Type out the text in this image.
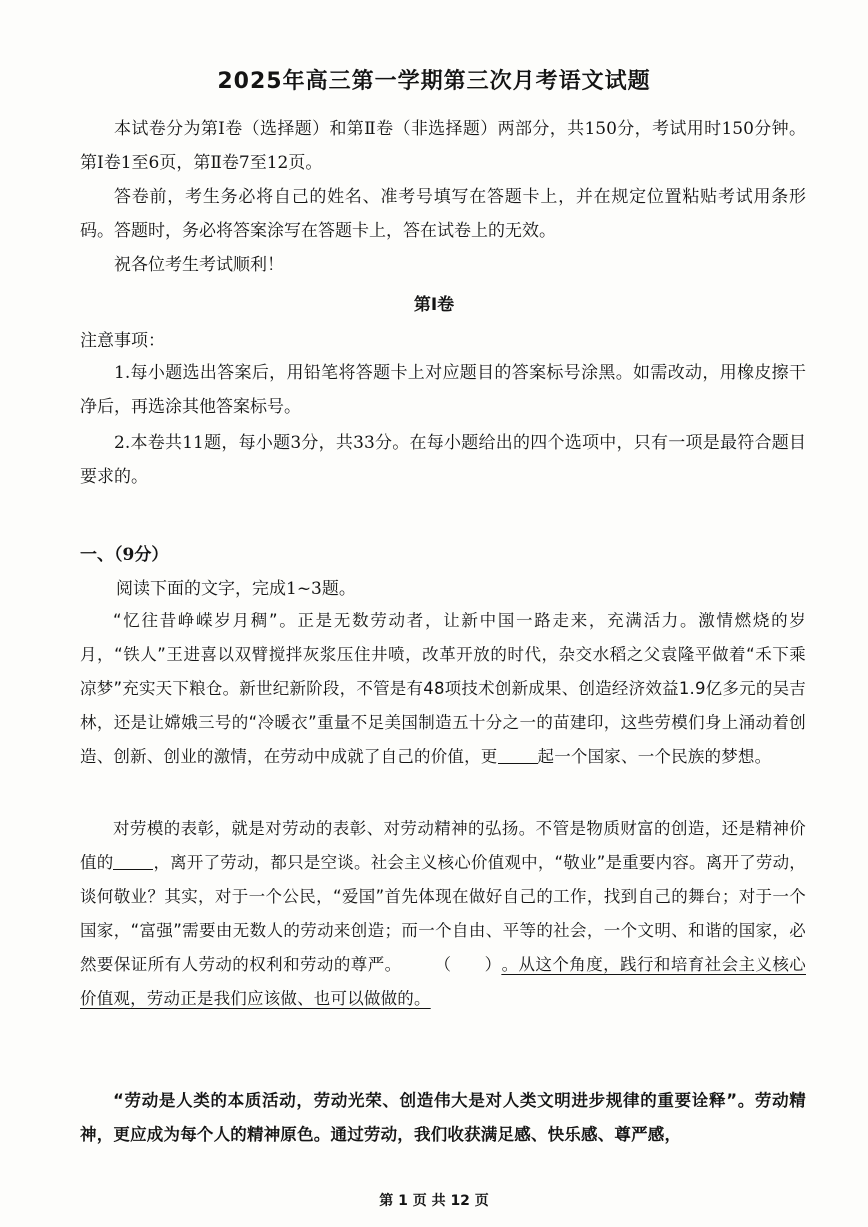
2025年高三第一学期第三次月考语文试题
本试卷分为第Ⅰ卷（选择题）和第Ⅱ卷（非选择题）两部分，共150分，考试用时150分钟。第Ⅰ卷1至6页，第Ⅱ卷7至12页。
答卷前，考生务必将自己的姓名、准考号填写在答题卡上，并在规定位置粘贴考试用条形码。答题时，务必将答案涂写在答题卡上，答在试卷上的无效。
祝各位考生考试顺利！
第Ⅰ卷
注意事项：
1.每小题选出答案后，用铅笔将答题卡上对应题目的答案标号涂黑。如需改动，用橡皮擦干净后，再选涂其他答案标号。
2.本卷共11题，每小题3分，共33分。在每小题给出的四个选项中，只有一项是最符合题目要求的。
一、（9分）
阅读下面的文字，完成1~3题。
“忆往昔峥嵘岁月稠”。正是无数劳动者，让新中国一路走来，充满活力。激情燃烧的岁月，“铁人”王进喜以双臂搅拌灰浆压住井喷，改革开放的时代，杂交水稻之父袁隆平做着“禾下乘凉梦”充实天下粮仓。新世纪新阶段，不管是有48项技术创新成果、创造经济效益1.9亿多元的吴吉林，还是让嫦娥三号的“冷暖衣”重量不足美国制造五十分之一的苗建印，这些劳模们身上涌动着创造、创新、创业的激情，在劳动中成就了自己的价值，更 起一个国家、一个民族的梦想。
对劳模的表彰，就是对劳动的表彰、对劳动精神的弘扬。不管是物质财富的创造，还是精神价值的 ，离开了劳动，都只是空谈。社会主义核心价值观中，“敬业”是重要内容。离开了劳动，谈何敬业？其实，对于一个公民，“爱国”首先体现在做好自己的工作，找到自己的舞台；对于一个国家，“富强”需要由无数人的劳动来创造；而一个自由、平等的社会，一个文明、和谐的国家，必然要保证所有人劳动的权利和劳动的尊严。 （　　）。从这个角度，践行和培育社会主义核心价值观，劳动正是我们应该做、也可以做做的。
“劳动是人类的本质活动，劳动光荣、创造伟大是对人类文明进步规律的重要诠释”。劳动精神，更应成为每个人的精神原色。通过劳动，我们收获满足感、快乐感、尊严感，
第 1 页 共 12 页
